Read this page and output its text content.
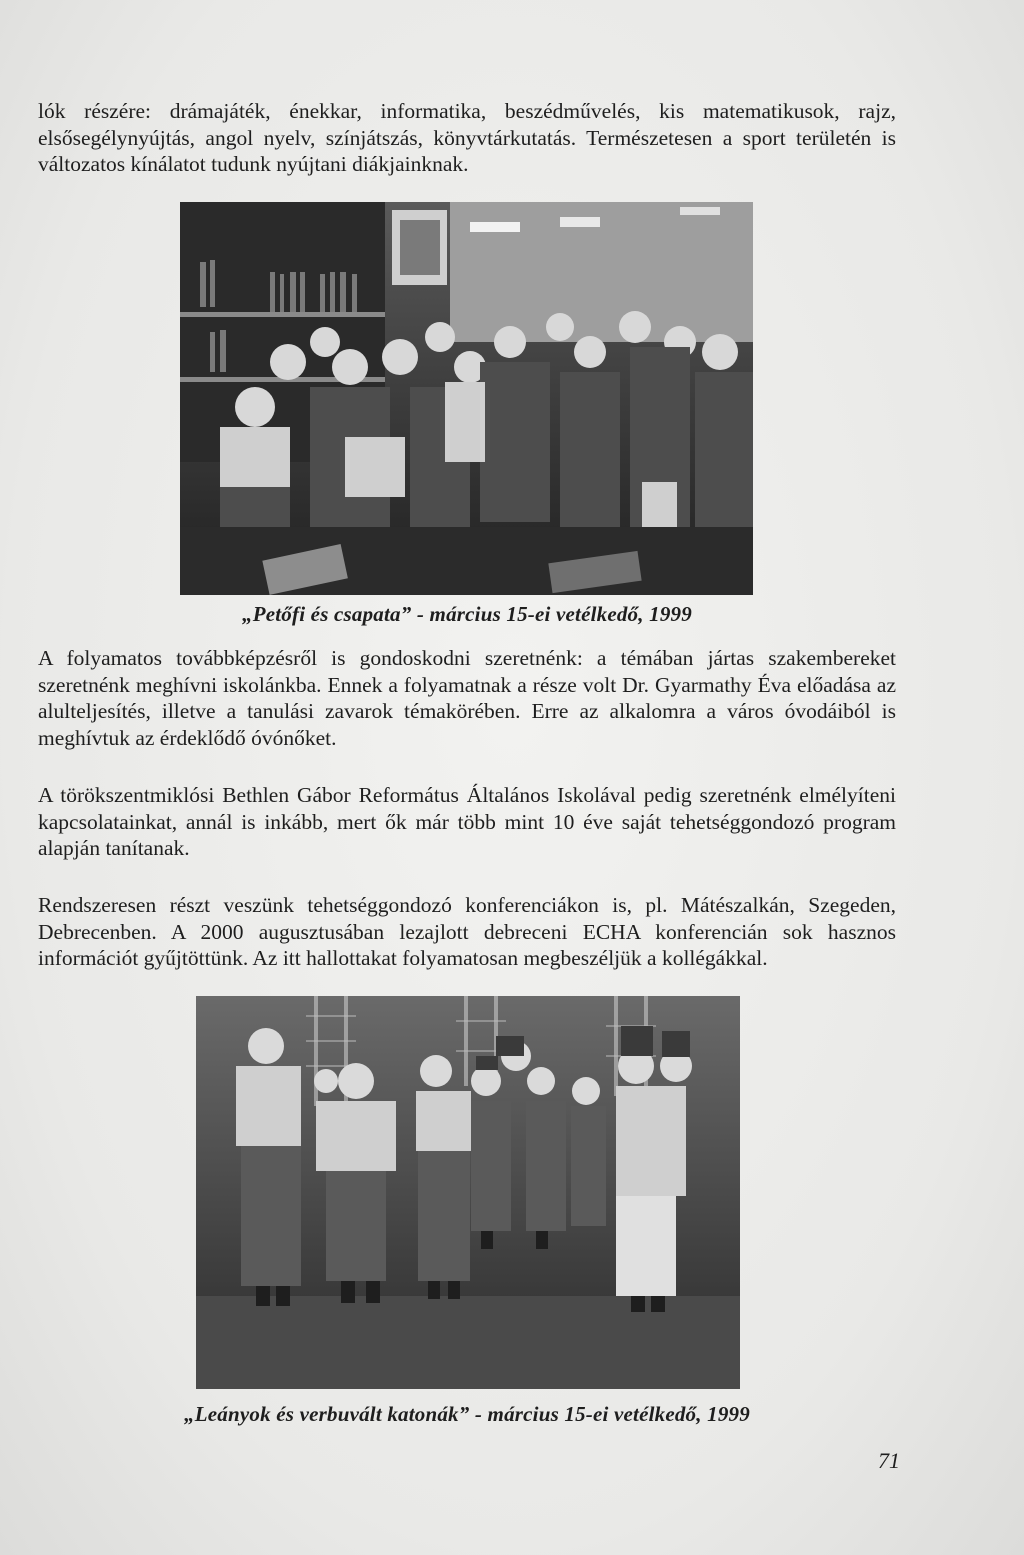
lók részére: drámajáték, énekkar, informatika, beszédművelés, kis matematikusok, rajz, elsősegélynyújtás, angol nyelv, színjátszás, könyvtárkutatás. Természetesen a sport területén is változatos kínálatot tudunk nyújtani diákjainknak.

„Petőfi és csapata” - március 15-ei vetélkedő, 1999

A folyamatos továbbképzésről is gondoskodni szeretnénk: a témában jártas szakembereket szeretnénk meghívni iskolánkba. Ennek a folyamatnak a része volt Dr. Gyarmathy Éva előadása az alulteljesítés, illetve a tanulási zavarok témakörében. Erre az alkalomra a város óvodáiból is meghívtuk az érdeklődő óvónőket.

A törökszentmiklósi Bethlen Gábor Református Általános Iskolával pedig szeretnénk elmélyíteni kapcsolatainkat, annál is inkább, mert ők már több mint 10 éve saját tehetséggondozó program alapján tanítanak.

Rendszeresen részt veszünk tehetséggondozó konferenciákon is, pl. Mátészalkán, Szegeden, Debrecenben. A 2000 augusztusában lezajlott debreceni ECHA konferencián sok hasznos információt gyűjtöttünk. Az itt hallottakat folyamatosan megbeszéljük a kollégákkal.

„Leányok és verbuvált katonák” - március 15-ei vetélkedő, 1999
71
